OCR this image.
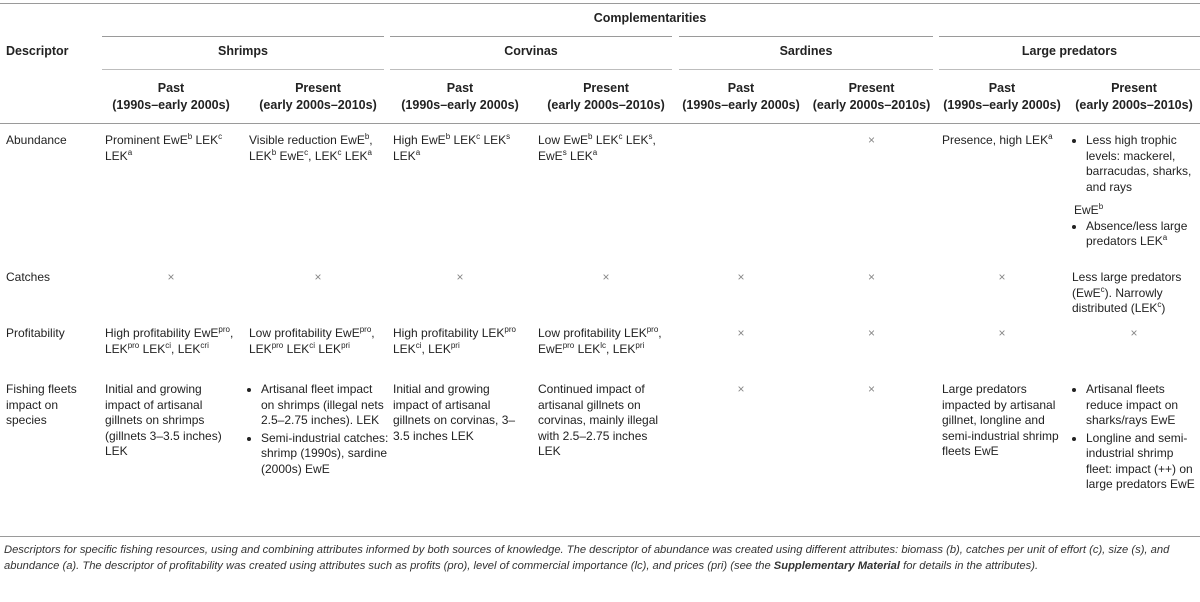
Complementarities
Descriptor	Shrimps	Corvinas	Sardines	Large predators
Past
(1990s–early 2000s)
Present
(early 2000s–2010s)
Past
(1990s–early 2000s)
Present
(early 2000s–2010s)
Past
(1990s–early 2000s)
Present
(early 2000s–2010s)
Past
(1990s–early 2000s)
Present
(early 2000s–2010s)
Abundance	Prominent EwE$^b$ LEK$^c$ LEK$^a$
Visible reduction EwE$^b$, LEK$^b$ EwE$^c$, LEK$^c$ LEK$^a$
High EwE$^b$ LEK$^c$ LEK$^s$ LEK$^a$
Low EwE$^b$ LEK$^c$ LEK$^s$, EwE$^s$ $LEK^a$
×	Presence, high LEK$^a$
•	Less high trophic levels: mackerel, barracudas, sharks, and rays
EwE$^b$
• Absence/less large predators LEK$^a$
Catches	×	×	×	×	×	×	×	Less large predators (EwE$^c$). Narrowly distributed (LEK$^c$)
Profitability	High profitability EwE$^{pro}$, $LEK^{pro}$ $LEK^{ci}$, $LEK^{cri}$
Low profitability EwE$^{pro}$, $LEK^{pro}$ $LEK^{ci}$ $LEK^{pri}$
High profitability $LEK^{pro}$ $LEK^{ci}$, $LEK^{pri}$
Low profitability $LEK^{pro}$, EwE$^{pro}$ $LEK^{lc}$, $LEK^{pri}$
×	×	×	×
Fishing fleets impact on species
Initial and growing impact of artisanal gillnets on shrimps (gillnets 3–3.5 inches) LEK
• Artisanal fleet impact on shrimps (illegal nets 2.5–2.75 inches). LEK
• Semi-industrial catches: shrimp (1990s), sardine (2000s) EwE
Initial and growing impact of artisanal gillnets on corvinas, 3–3.5 inches LEK
Continued impact of artisanal gillnets on corvinas, mainly illegal with 2.5–2.75 inches LEK
×	×	Large predators impacted by artisanal gillnet, longline and semi-industrial shrimp fleets EwE
• Artisanal fleets reduce impact on sharks/rays EwE
• Longline and semi-industrial shrimp fleet: impact (++) on large predators EwE
Descriptors for specific fishing resources, using and combining attributes informed by both sources of knowledge. The descriptor of abundance was created using different attributes: biomass (b), catches per unit of effort (c), size (s), and abundance (a). The descriptor of profitability was created using attributes such as profits (pro), level of commercial importance (lc), and prices (pri) (see the Supplementary Material for details in the attributes).
